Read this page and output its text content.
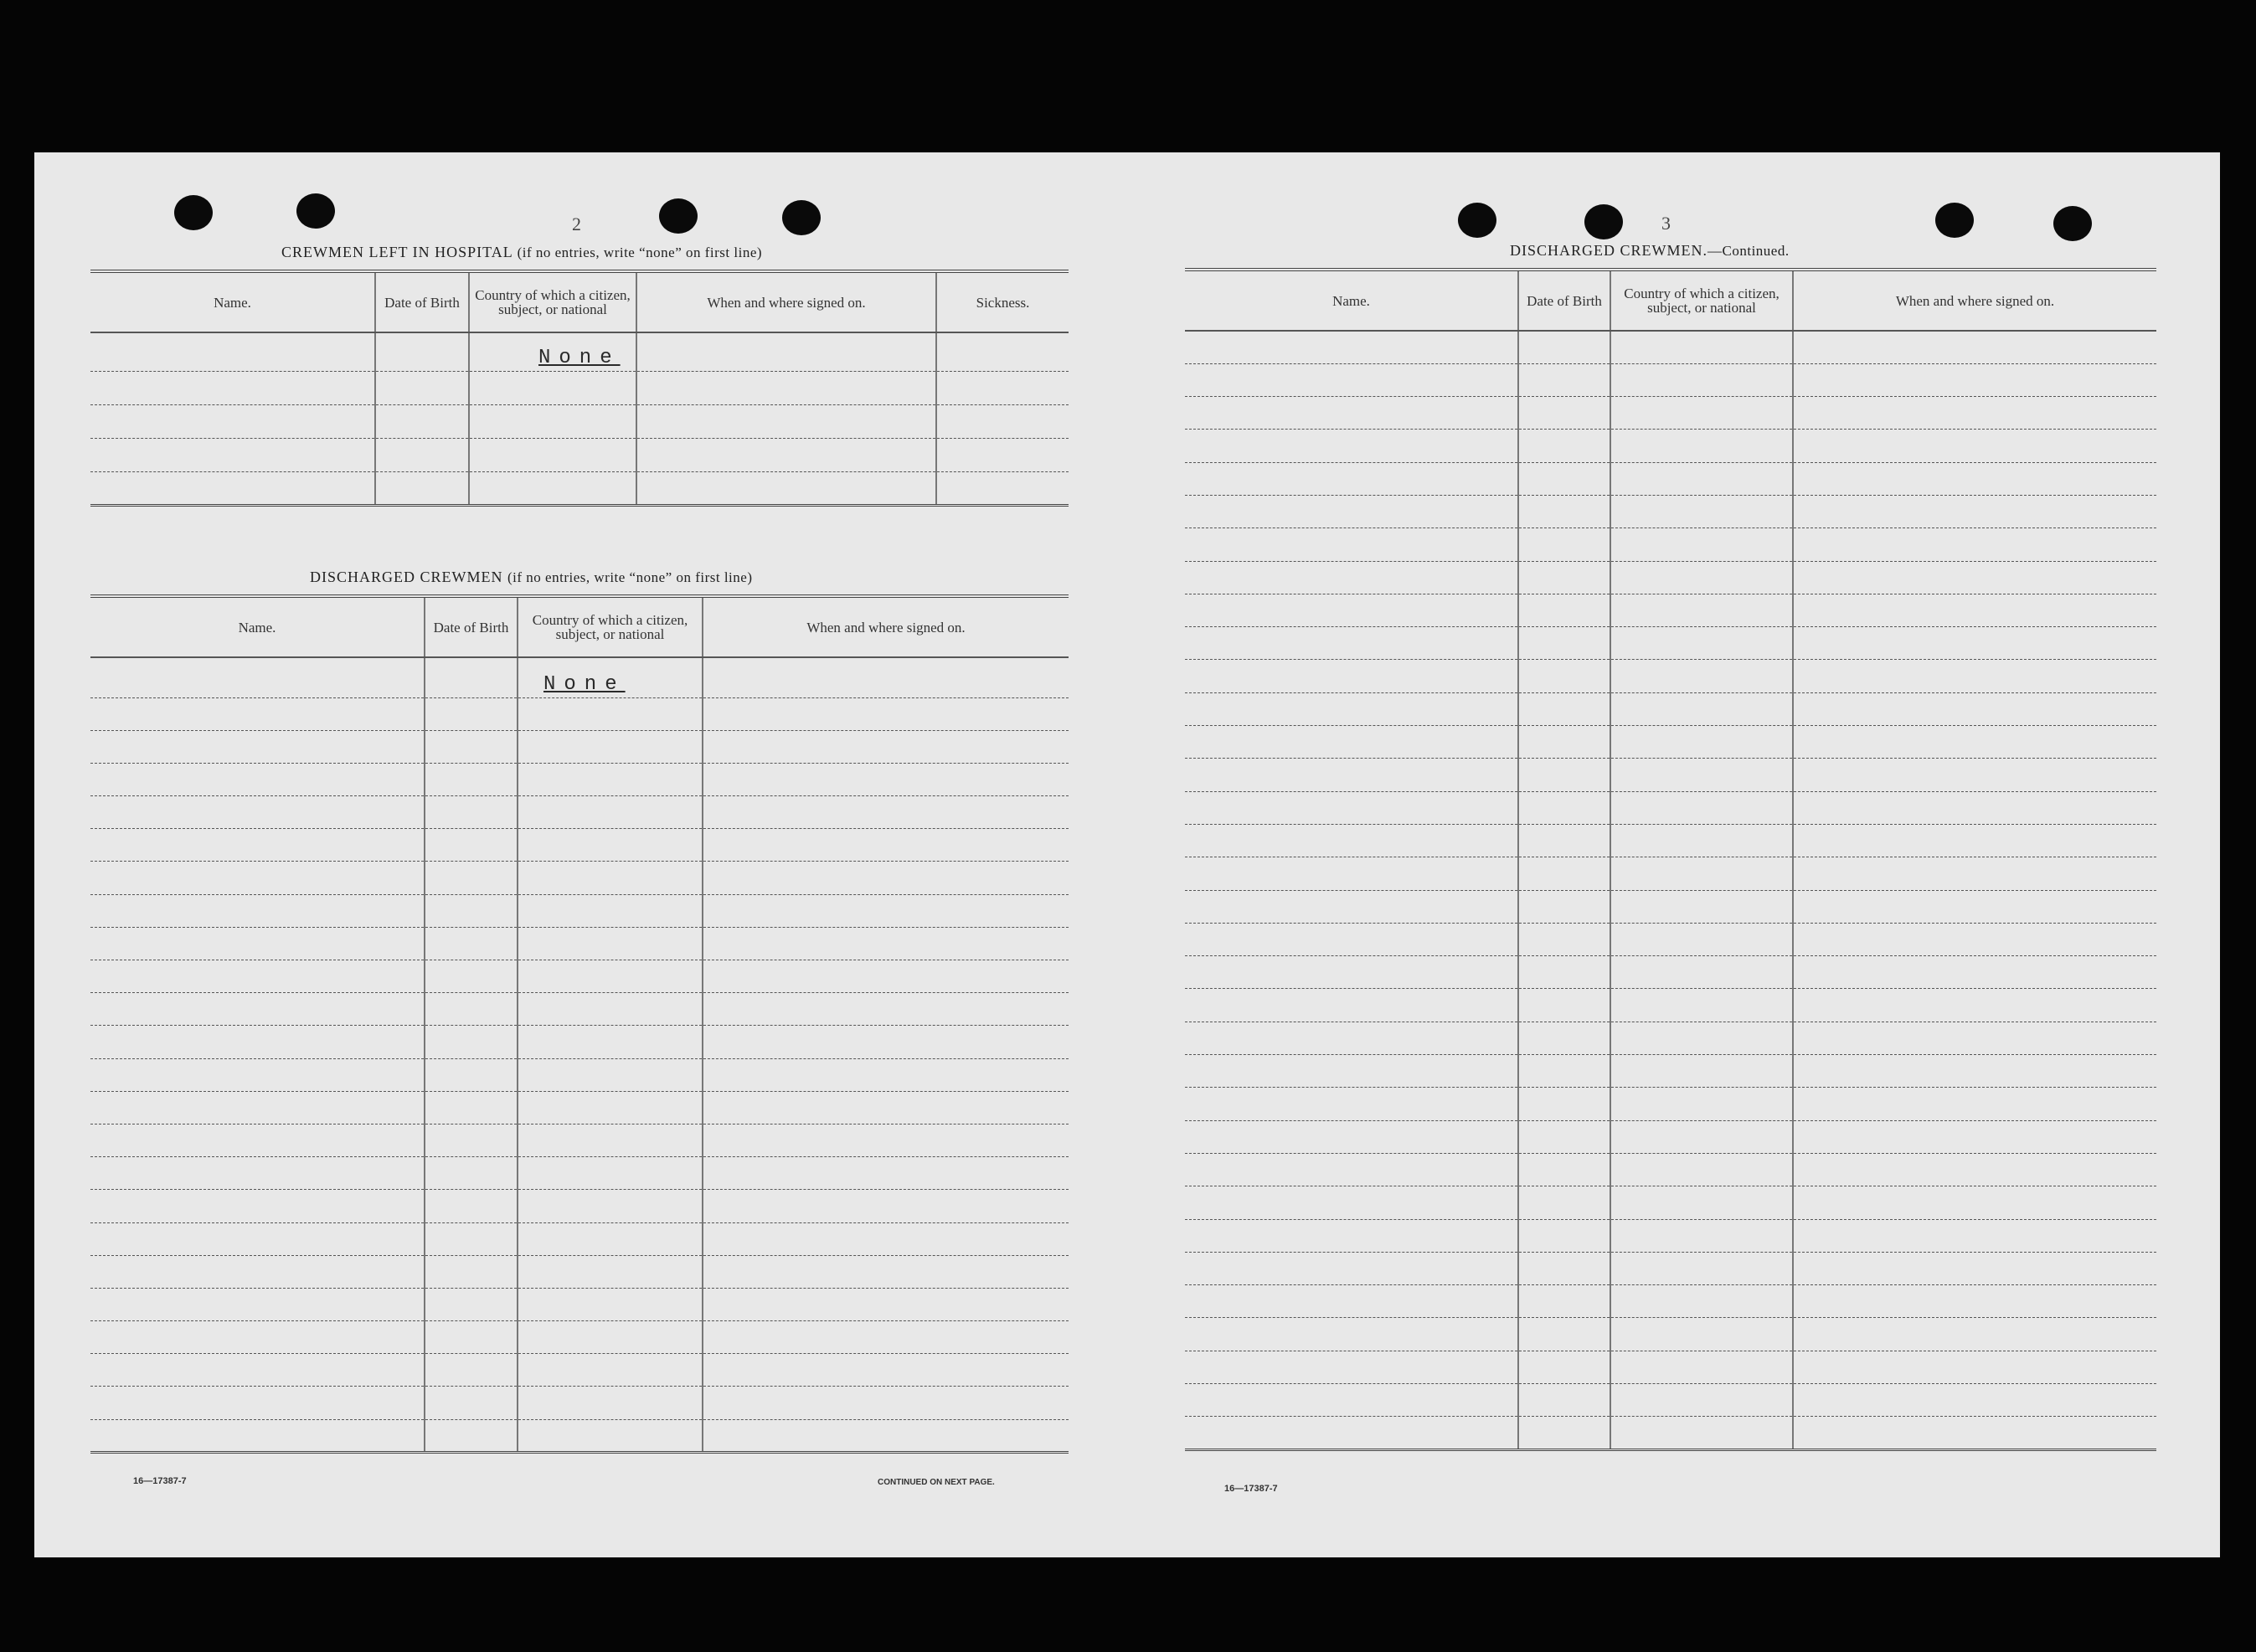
2
CREWMEN LEFT IN HOSPITAL (if no entries, write “none” on first line)
Name.	Date of Birth	Country of which a citizen, subject, or national	When and where signed on.	Sickness.
		None		

DISCHARGED CREWMEN (if no entries, write “none” on first line)
Name.	Date of Birth	Country of which a citizen, subject, or national	When and where signed on.
		None	

16—17387-7	CONTINUED ON NEXT PAGE.
3
DISCHARGED CREWMEN.—Continued.
Name.	Date of Birth	Country of which a citizen, subject, or national	When and where signed on.

16—17387-7
